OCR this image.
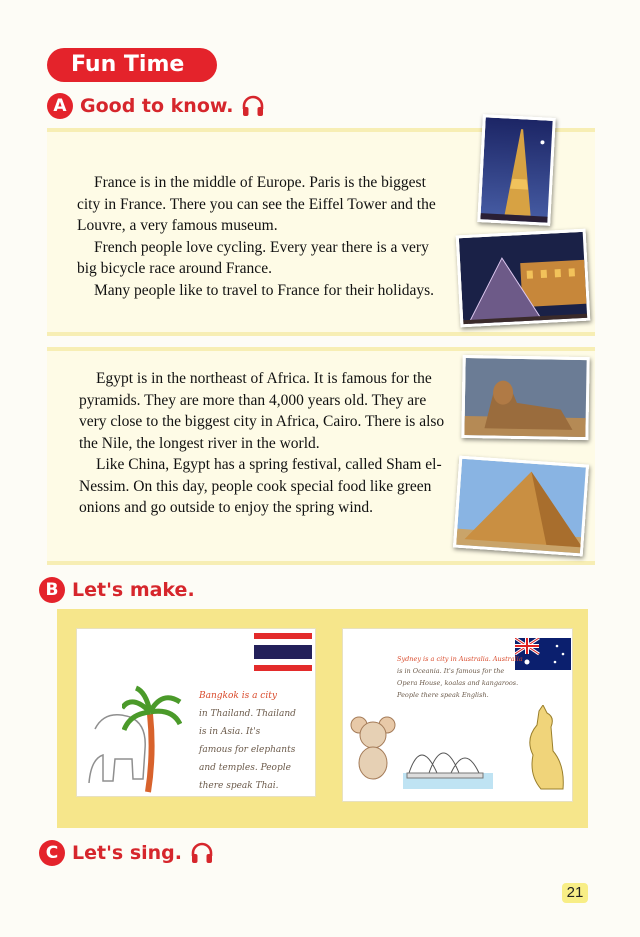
Fun Time
A Good to know.

France is in the middle of Europe. Paris is the biggest city in France. There you can see the Eiffel Tower and the Louvre, a very famous museum.

French people love cycling. Every year there is a very big bicycle race around France.

Many people like to travel to France for their holidays.

Egypt is in the northeast of Africa. It is famous for the pyramids. They are more than 4,000 years old. They are very close to the biggest city in Africa, Cairo. There is also the Nile, the longest river in the world.

Like China, Egypt has a spring festival, called Sham el-Nessim. On this day, people cook special food like green onions and go outside to enjoy the spring wind.

B Let's make.
Bangkok is a city
in Thailand. Thailand
is in Asia. It's
famous for elephants
and temples. People
there speak Thai.
Sydney is a city in Australia. Australia
is in Oceania. It's famous for the
Opera House, koalas and kangaroos.
People there speak English.
C Let's sing.
21
